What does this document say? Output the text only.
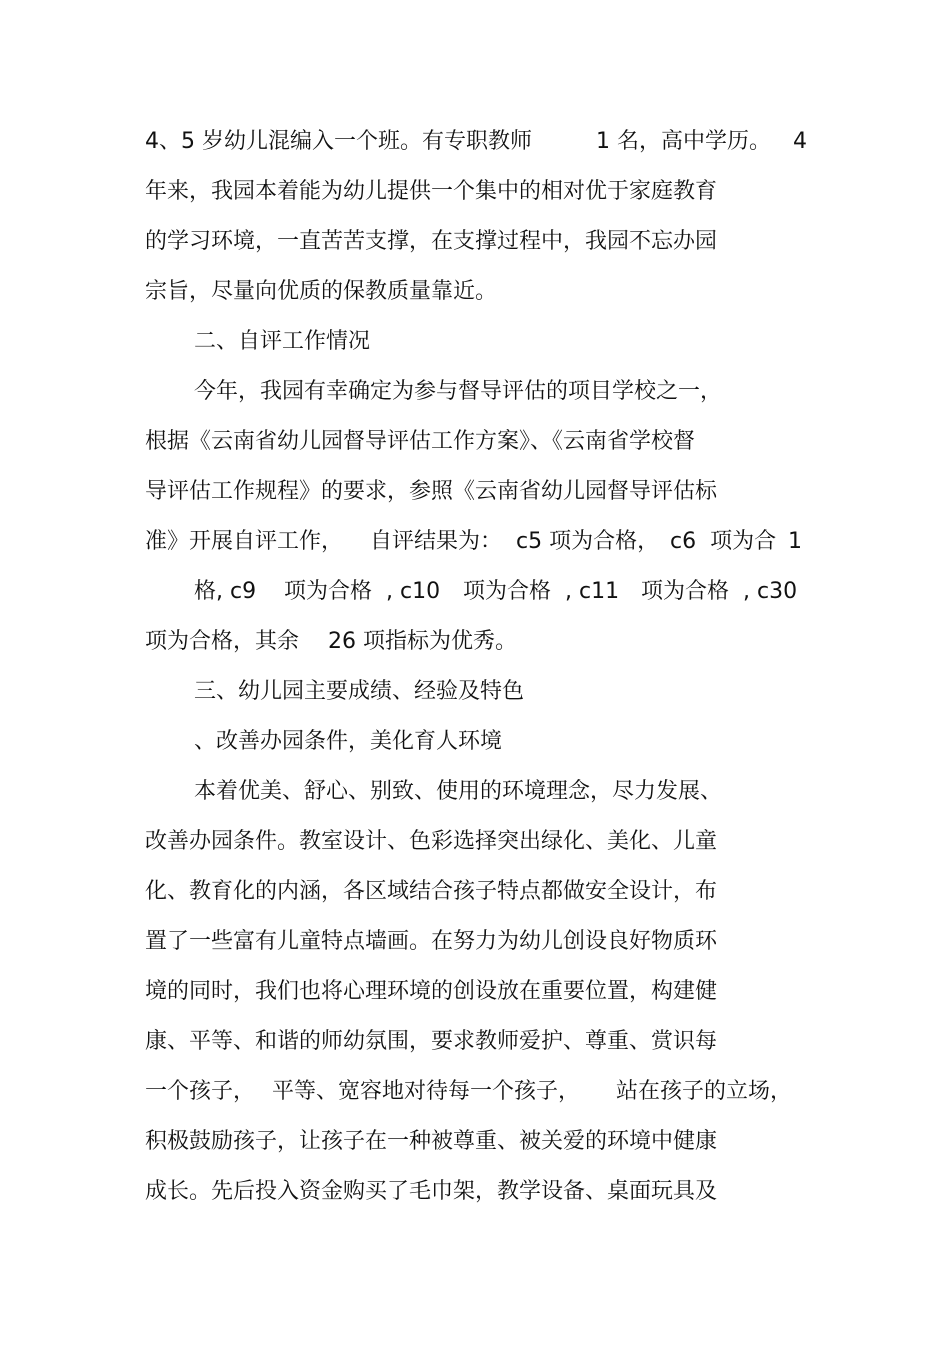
4、5 岁幼儿混编入一个班。有专职教师	1 名，高中学历。 4
年来，我园本着能为幼儿提供一个集中的相对优于家庭教育
的学习环境，一直苦苦支撑，在支撑过程中，我园不忘办园
宗旨，尽量向优质的保教质量靠近。
二、自评工作情况
今年，我园有幸确定为参与督导评估的项目学校之一，
根据《云南省幼儿园督导评估工作方案》、《云南省学校督
导评估工作规程》的要求，参照《云南省幼儿园督导评估标
准》开展自评工作， 自评结果为： c5 项为合格， c6  项为合 1
格, c9 项为合格  , c10 项为合格  , c11 项为合格  , c30
项为合格，其余 26 项指标为优秀。
三、幼儿园主要成绩、经验及特色
、改善办园条件，美化育人环境
本着优美、舒心、别致、使用的环境理念，尽力发展、
改善办园条件。教室设计、色彩选择突出绿化、美化、儿童
化、教育化的内涵，各区域结合孩子特点都做安全设计，布
置了一些富有儿童特点墙画。在努力为幼儿创设良好物质环
境的同时，我们也将心理环境的创设放在重要位置，构建健
康、平等、和谐的师幼氛围，要求教师爱护、尊重、赏识每
一个孩子， 平等、宽容地对待每一个孩子， 站在孩子的立场，
积极鼓励孩子，让孩子在一种被尊重、被关爱的环境中健康
成长。先后投入资金购买了毛巾架，教学设备、桌面玩具及
